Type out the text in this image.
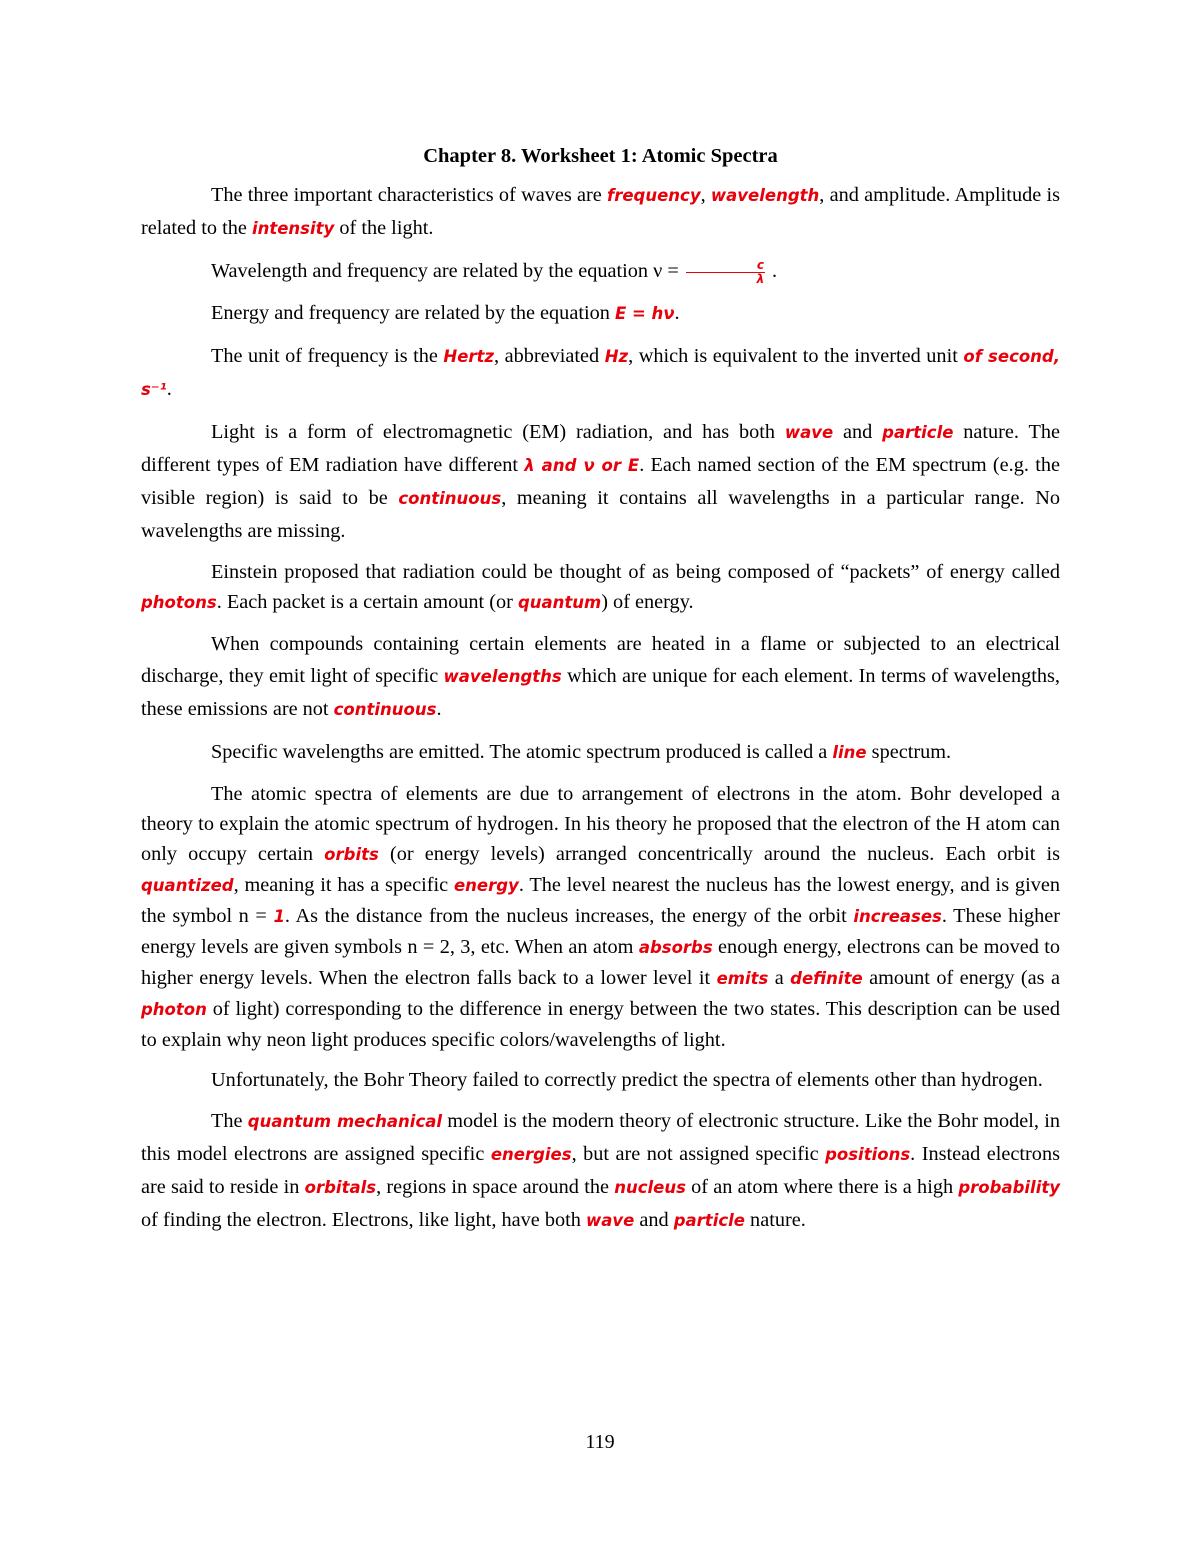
Chapter 8. Worksheet 1: Atomic Spectra

The three important characteristics of waves are frequency, wavelength, and amplitude. Amplitude is related to the intensity of the light.

Wavelength and frequency are related by the equation $\nu = \frac{c}{\lambda}$ .

Energy and frequency are related by the equation E = hν.

The unit of frequency is the Hertz, abbreviated Hz, which is equivalent to the inverted unit of second, s⁻¹.

Light is a form of electromagnetic (EM) radiation, and has both wave and particle nature. The different types of EM radiation have different λ and ν or E. Each named section of the EM spectrum (e.g. the visible region) is said to be continuous, meaning it contains all wavelengths in a particular range. No wavelengths are missing.

Einstein proposed that radiation could be thought of as being composed of “packets” of energy called photons. Each packet is a certain amount (or quantum) of energy.

When compounds containing certain elements are heated in a flame or subjected to an electrical discharge, they emit light of specific wavelengths which are unique for each element. In terms of wavelengths, these emissions are not continuous.

Specific wavelengths are emitted. The atomic spectrum produced is called a line spectrum.

The atomic spectra of elements are due to arrangement of electrons in the atom. Bohr developed a theory to explain the atomic spectrum of hydrogen. In his theory he proposed that the electron of the H atom can only occupy certain orbits (or energy levels) arranged concentrically around the nucleus. Each orbit is quantized, meaning it has a specific energy. The level nearest the nucleus has the lowest energy, and is given the symbol n = 1. As the distance from the nucleus increases, the energy of the orbit increases. These higher energy levels are given symbols n = 2, 3, etc. When an atom absorbs enough energy, electrons can be moved to higher energy levels. When the electron falls back to a lower level it emits a definite amount of energy (as a photon of light) corresponding to the difference in energy between the two states. This description can be used to explain why neon light produces specific colors/wavelengths of light.

Unfortunately, the Bohr Theory failed to correctly predict the spectra of elements other than hydrogen.

The quantum mechanical model is the modern theory of electronic structure. Like the Bohr model, in this model electrons are assigned specific energies, but are not assigned specific positions. Instead electrons are said to reside in orbitals, regions in space around the nucleus of an atom where there is a high probability of finding the electron. Electrons, like light, have both wave and particle nature.

119
